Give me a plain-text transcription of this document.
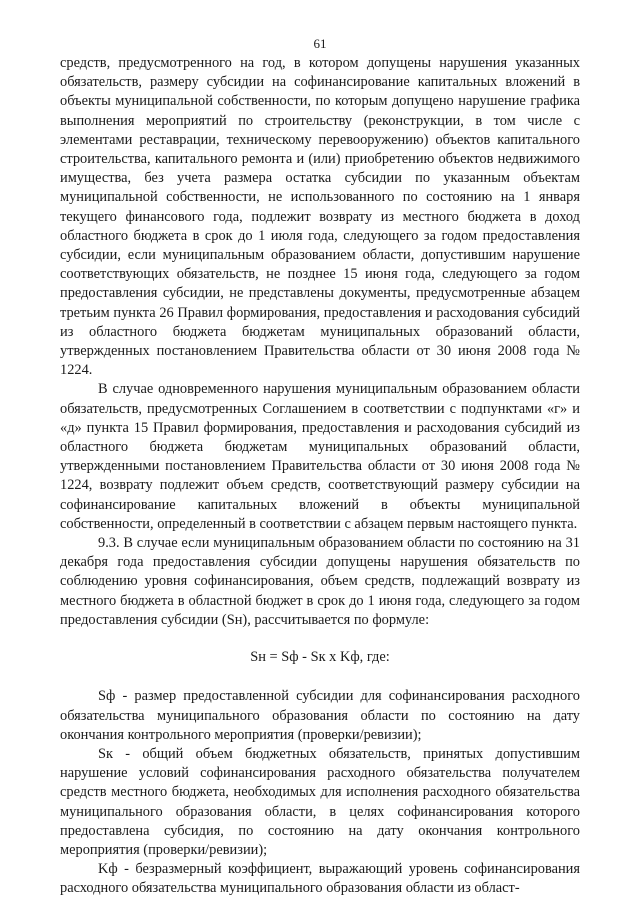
61

средств, предусмотренного на год, в котором допущены нарушения указанных обязательств, размеру субсидии на софинансирование капитальных вложений в объекты муниципальной собственности, по которым допущено нарушение графика выполнения мероприятий по строительству (реконструкции, в том числе с элементами реставрации, техническому перевооружению) объектов капитального строительства, капитального ремонта и (или) приобретению объектов недвижимого имущества, без учета размера остатка субсидии по указанным объектам муниципальной собственности, не использованного по состоянию на 1 января текущего финансового года, подлежит возврату из местного бюджета в доход областного бюджета в срок до 1 июля года, следующего за годом предоставления субсидии, если муниципальным образованием области, допустившим нарушение соответствующих обязательств, не позднее 15 июня года, следующего за годом предоставления субсидии, не представлены документы, предусмотренные абзацем третьим пункта 26 Правил формирования, предоставления и расходования субсидий из областного бюджета бюджетам муниципальных образований области, утвержденных постановлением Правительства области от 30 июня 2008 года № 1224.

В случае одновременного нарушения муниципальным образованием области обязательств, предусмотренных Соглашением в соответствии с подпунктами «г» и «д» пункта 15 Правил формирования, предоставления и расходования субсидий из областного бюджета бюджетам муниципальных образований области, утвержденными постановлением Правительства области от 30 июня 2008 года № 1224, возврату подлежит объем средств, соответствующий размеру субсидии на софинансирование капитальных вложений в объекты муниципальной собственности, определенный в соответствии с абзацем первым настоящего пункта.

9.3. В случае если муниципальным образованием области по состоянию на 31 декабря года предоставления субсидии допущены нарушения обязательств по соблюдению уровня софинансирования, объем средств, подлежащий возврату из местного бюджета в областной бюджет в срок до 1 июня года, следующего за годом предоставления субсидии (Sн), рассчитывается по формуле:

Sн = Sф - Sк x Kф, где:

Sф - размер предоставленной субсидии для софинансирования расходного обязательства муниципального образования области по состоянию на дату окончания контрольного мероприятия (проверки/ревизии);

Sк - общий объем бюджетных обязательств, принятых допустившим нарушение условий софинансирования расходного обязательства получателем средств местного бюджета, необходимых для исполнения расходного обязательства муниципального образования области, в целях софинансирования которого предоставлена субсидия, по состоянию на дату окончания контрольного мероприятия (проверки/ревизии);

Kф - безразмерный коэффициент, выражающий уровень софинансирования расходного обязательства муниципального образования области из област-
